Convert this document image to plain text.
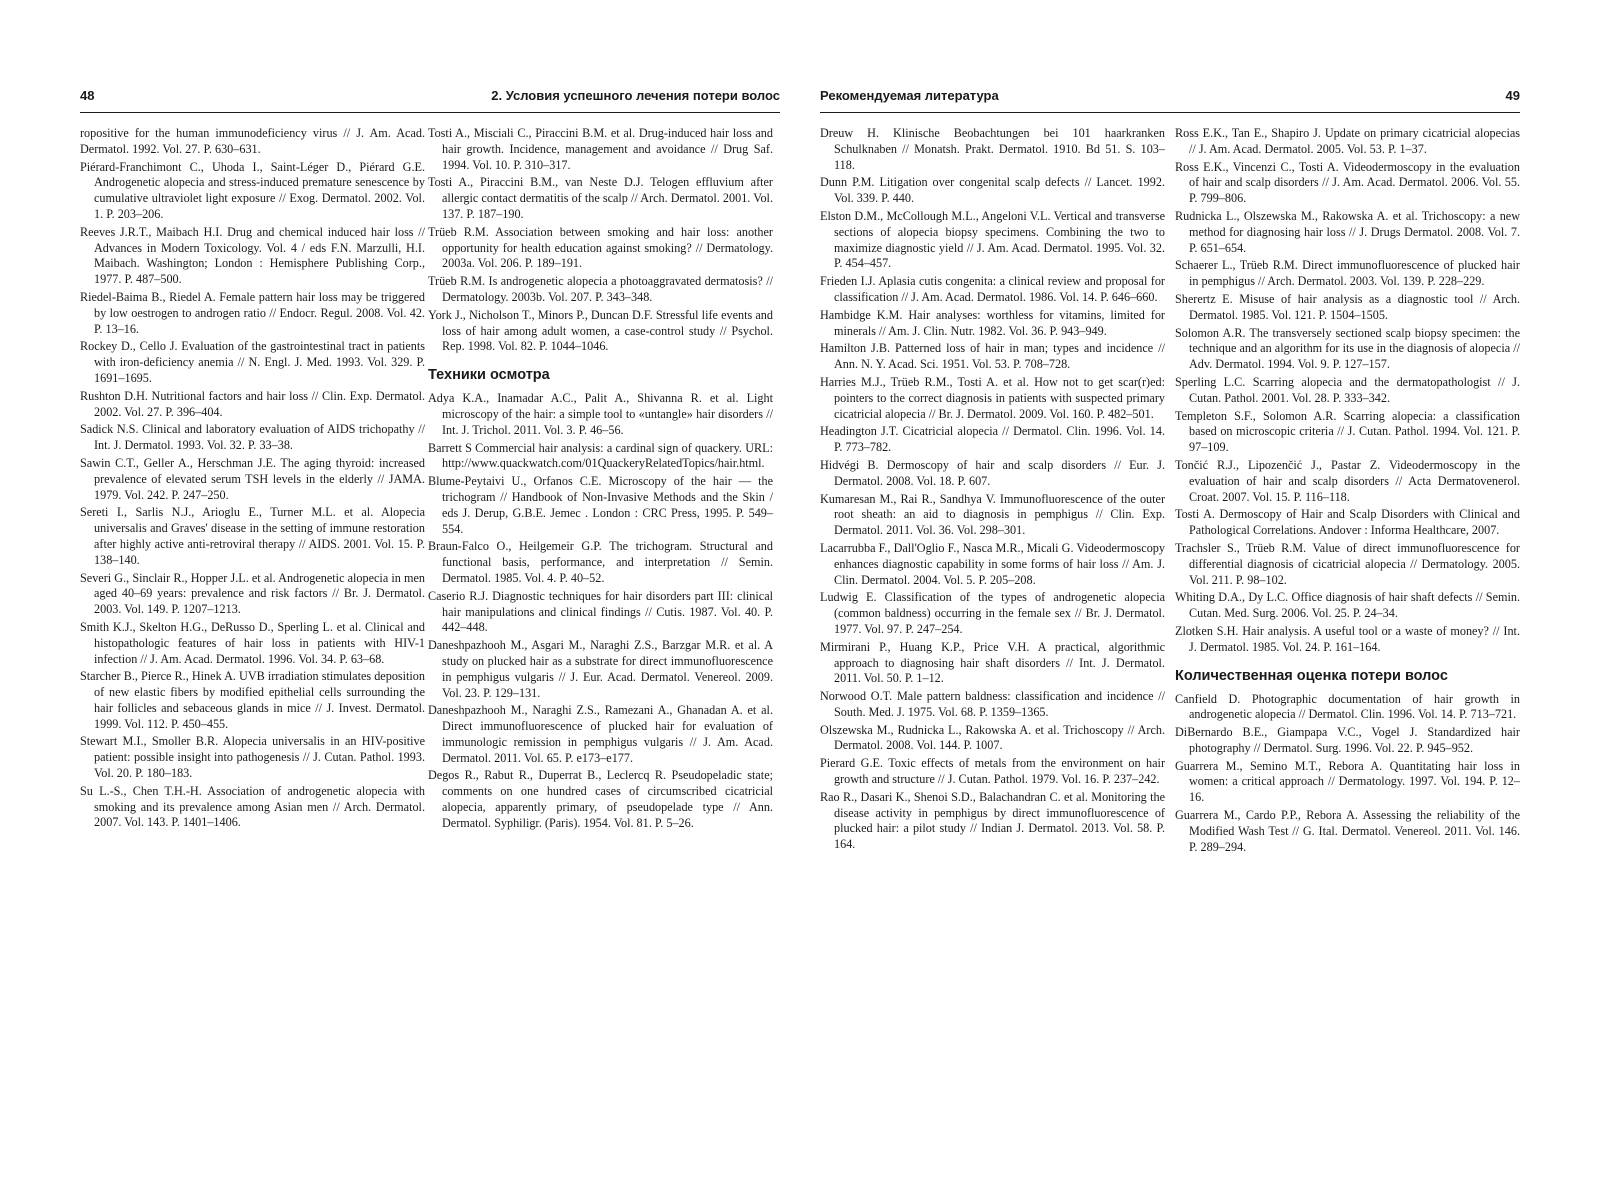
48	2. Условия успешного лечения потери волос

ropositive for the human immunodeficiency virus // J. Am. Acad. Dermatol. 1992. Vol. 27. P. 630–631.

Piérard-Franchimont C., Uhoda I., Saint-Léger D., Piérard G.E. Androgenetic alopecia and stress-induced premature senescence by cumulative ultraviolet light exposure // Exog. Dermatol. 2002. Vol. 1. P. 203–206.

Reeves J.R.T., Maibach H.I. Drug and chemical induced hair loss // Advances in Modern Toxicology. Vol. 4 / eds F.N. Marzulli, H.I. Maibach. Washington; London : Hemisphere Publishing Corp., 1977. P. 487–500.

Riedel-Baima B., Riedel A. Female pattern hair loss may be triggered by low oestrogen to androgen ratio // Endocr. Regul. 2008. Vol. 42. P. 13–16.

Rockey D., Cello J. Evaluation of the gastrointestinal tract in patients with iron-deficiency anemia // N. Engl. J. Med. 1993. Vol. 329. P. 1691–1695.

Rushton D.H. Nutritional factors and hair loss // Clin. Exp. Dermatol. 2002. Vol. 27. P. 396–404.

Sadick N.S. Clinical and laboratory evaluation of AIDS trichopathy // Int. J. Dermatol. 1993. Vol. 32. P. 33–38.

Sawin C.T., Geller A., Herschman J.E. The aging thyroid: increased prevalence of elevated serum TSH levels in the elderly // JAMA. 1979. Vol. 242. P. 247–250.

Sereti I., Sarlis N.J., Arioglu E., Turner M.L. et al. Alopecia universalis and Graves' disease in the setting of immune restoration after highly active anti-retroviral therapy // AIDS. 2001. Vol. 15. P. 138–140.

Severi G., Sinclair R., Hopper J.L. et al. Androgenetic alopecia in men aged 40–69 years: prevalence and risk factors // Br. J. Dermatol. 2003. Vol. 149. P. 1207–1213.

Smith K.J., Skelton H.G., DeRusso D., Sperling L. et al. Clinical and histopathologic features of hair loss in patients with HIV-1 infection // J. Am. Acad. Dermatol. 1996. Vol. 34. P. 63–68.

Starcher B., Pierce R., Hinek A. UVB irradiation stimulates deposition of new elastic fibers by modified epithelial cells surrounding the hair follicles and sebaceous glands in mice // J. Invest. Dermatol. 1999. Vol. 112. P. 450–455.

Stewart M.I., Smoller B.R. Alopecia universalis in an HIV-positive patient: possible insight into pathogenesis // J. Cutan. Pathol. 1993. Vol. 20. P. 180–183.

Su L.-S., Chen T.H.-H. Association of androgenetic alopecia with smoking and its prevalence among Asian men // Arch. Dermatol. 2007. Vol. 143. P. 1401–1406.

Tosti A., Misciali C., Piraccini B.M. et al. Drug-induced hair loss and hair growth. Incidence, management and avoidance // Drug Saf. 1994. Vol. 10. P. 310–317.

Tosti A., Piraccini B.M., van Neste D.J. Telogen effluvium after allergic contact dermatitis of the scalp // Arch. Dermatol. 2001. Vol. 137. P. 187–190.

Trüeb R.M. Association between smoking and hair loss: another opportunity for health education against smoking? // Dermatology. 2003a. Vol. 206. P. 189–191.

Trüeb R.M. Is androgenetic alopecia a photoaggravated dermatosis? // Dermatology. 2003b. Vol. 207. P. 343–348.

York J., Nicholson T., Minors P., Duncan D.F. Stressful life events and loss of hair among adult women, a case-control study // Psychol. Rep. 1998. Vol. 82. P. 1044–1046.

Техники осмотра

Adya K.A., Inamadar A.C., Palit A., Shivanna R. et al. Light microscopy of the hair: a simple tool to «untangle» hair disorders // Int. J. Trichol. 2011. Vol. 3. P. 46–56.

Barrett S Commercial hair analysis: a cardinal sign of quackery. URL: http://www.quackwatch.com/01QuackeryRelatedTopics/hair.html.

Blume-Peytaivi U., Orfanos C.E. Microscopy of the hair — the trichogram // Handbook of Non-Invasive Methods and the Skin / eds J. Derup, G.B.E. Jemec . London : CRC Press, 1995. P. 549–554.

Braun-Falco O., Heilgemeir G.P. The trichogram. Structural and functional basis, performance, and interpretation // Semin. Dermatol. 1985. Vol. 4. P. 40–52.

Caserio R.J. Diagnostic techniques for hair disorders part III: clinical hair manipulations and clinical findings // Cutis. 1987. Vol. 40. P. 442–448.

Daneshpazhooh M., Asgari M., Naraghi Z.S., Barzgar M.R. et al. A study on plucked hair as a substrate for direct immunofluorescence in pemphigus vulgaris // J. Eur. Acad. Dermatol. Venereol. 2009. Vol. 23. P. 129–131.

Daneshpazhooh M., Naraghi Z.S., Ramezani A., Ghanadan A. et al. Direct immunofluorescence of plucked hair for evaluation of immunologic remission in pemphigus vulgaris // J. Am. Acad. Dermatol. 2011. Vol. 65. P. e173–e177.

Degos R., Rabut R., Duperrat B., Leclercq R. Pseudopeladic state; comments on one hundred cases of circumscribed cicatricial alopecia, apparently primary, of pseudopelade type // Ann. Dermatol. Syphiligr. (Paris). 1954. Vol. 81. P. 5–26.

Рекомендуемая литература	49

Dreuw H. Klinische Beobachtungen bei 101 haarkranken Schulknaben // Monatsh. Prakt. Dermatol. 1910. Bd 51. S. 103–118.

Dunn P.M. Litigation over congenital scalp defects // Lancet. 1992. Vol. 339. P. 440.

Elston D.M., McCollough M.L., Angeloni V.L. Vertical and transverse sections of alopecia biopsy specimens. Combining the two to maximize diagnostic yield // J. Am. Acad. Dermatol. 1995. Vol. 32. P. 454–457.

Frieden I.J. Aplasia cutis congenita: a clinical review and proposal for classification // J. Am. Acad. Dermatol. 1986. Vol. 14. P. 646–660.

Hambidge K.M. Hair analyses: worthless for vitamins, limited for minerals // Am. J. Clin. Nutr. 1982. Vol. 36. P. 943–949.

Hamilton J.B. Patterned loss of hair in man; types and incidence // Ann. N. Y. Acad. Sci. 1951. Vol. 53. P. 708–728.

Harries M.J., Trüeb R.M., Tosti A. et al. How not to get scar(r)ed: pointers to the correct diagnosis in patients with suspected primary cicatricial alopecia // Br. J. Dermatol. 2009. Vol. 160. P. 482–501.

Headington J.T. Cicatricial alopecia // Dermatol. Clin. 1996. Vol. 14. P. 773–782.

Hidvégi B. Dermoscopy of hair and scalp disorders // Eur. J. Dermatol. 2008. Vol. 18. P. 607.

Kumaresan M., Rai R., Sandhya V. Immunofluorescence of the outer root sheath: an aid to diagnosis in pemphigus // Clin. Exp. Dermatol. 2011. Vol. 36. Vol. 298–301.

Lacarrubba F., Dall'Oglio F., Nasca M.R., Micali G. Videodermoscopy enhances diagnostic capability in some forms of hair loss // Am. J. Clin. Dermatol. 2004. Vol. 5. P. 205–208.

Ludwig E. Classification of the types of androgenetic alopecia (common baldness) occurring in the female sex // Br. J. Dermatol. 1977. Vol. 97. P. 247–254.

Mirmirani P., Huang K.P., Price V.H. A practical, algorithmic approach to diagnosing hair shaft disorders // Int. J. Dermatol. 2011. Vol. 50. P. 1–12.

Norwood O.T. Male pattern baldness: classification and incidence // South. Med. J. 1975. Vol. 68. P. 1359–1365.

Olszewska M., Rudnicka L., Rakowska A. et al. Trichoscopy // Arch. Dermatol. 2008. Vol. 144. P. 1007.

Pierard G.E. Toxic effects of metals from the environment on hair growth and structure // J. Cutan. Pathol. 1979. Vol. 16. P. 237–242.

Rao R., Dasari K., Shenoi S.D., Balachandran C. et al. Monitoring the disease activity in pemphigus by direct immunofluorescence of plucked hair: a pilot study // Indian J. Dermatol. 2013. Vol. 58. P. 164.

Ross E.K., Tan E., Shapiro J. Update on primary cicatricial alopecias // J. Am. Acad. Dermatol. 2005. Vol. 53. P. 1–37.

Ross E.K., Vincenzi C., Tosti A. Videodermoscopy in the evaluation of hair and scalp disorders // J. Am. Acad. Dermatol. 2006. Vol. 55. P. 799–806.

Rudnicka L., Olszewska M., Rakowska A. et al. Trichoscopy: a new method for diagnosing hair loss // J. Drugs Dermatol. 2008. Vol. 7. P. 651–654.

Schaerer L., Trüeb R.M. Direct immunofluorescence of plucked hair in pemphigus // Arch. Dermatol. 2003. Vol. 139. P. 228–229.

Sherertz E. Misuse of hair analysis as a diagnostic tool // Arch. Dermatol. 1985. Vol. 121. P. 1504–1505.

Solomon A.R. The transversely sectioned scalp biopsy specimen: the technique and an algorithm for its use in the diagnosis of alopecia // Adv. Dermatol. 1994. Vol. 9. P. 127–157.

Sperling L.C. Scarring alopecia and the dermatopathologist // J. Cutan. Pathol. 2001. Vol. 28. P. 333–342.

Templeton S.F., Solomon A.R. Scarring alopecia: a classification based on microscopic criteria // J. Cutan. Pathol. 1994. Vol. 121. P. 97–109.

Tončić R.J., Lipozenčić J., Pastar Z. Videodermoscopy in the evaluation of hair and scalp disorders // Acta Dermatovenerol. Croat. 2007. Vol. 15. P. 116–118.

Tosti A. Dermoscopy of Hair and Scalp Disorders with Clinical and Pathological Correlations. Andover : Informa Healthcare, 2007.

Trachsler S., Trüeb R.M. Value of direct immunofluorescence for differential diagnosis of cicatricial alopecia // Dermatology. 2005. Vol. 211. P. 98–102.

Whiting D.A., Dy L.C. Office diagnosis of hair shaft defects // Semin. Cutan. Med. Surg. 2006. Vol. 25. P. 24–34.

Zlotken S.H. Hair analysis. A useful tool or a waste of money? // Int. J. Dermatol. 1985. Vol. 24. P. 161–164.

Количественная оценка потери волос

Canfield D. Photographic documentation of hair growth in androgenetic alopecia // Dermatol. Clin. 1996. Vol. 14. P. 713–721.

DiBernardo B.E., Giampapa V.C., Vogel J. Standardized hair photography // Dermatol. Surg. 1996. Vol. 22. P. 945–952.

Guarrera M., Semino M.T., Rebora A. Quantitating hair loss in women: a critical approach // Dermatology. 1997. Vol. 194. P. 12–16.

Guarrera M., Cardo P.P., Rebora A. Assessing the reliability of the Modified Wash Test // G. Ital. Dermatol. Venereol. 2011. Vol. 146. P. 289–294.
